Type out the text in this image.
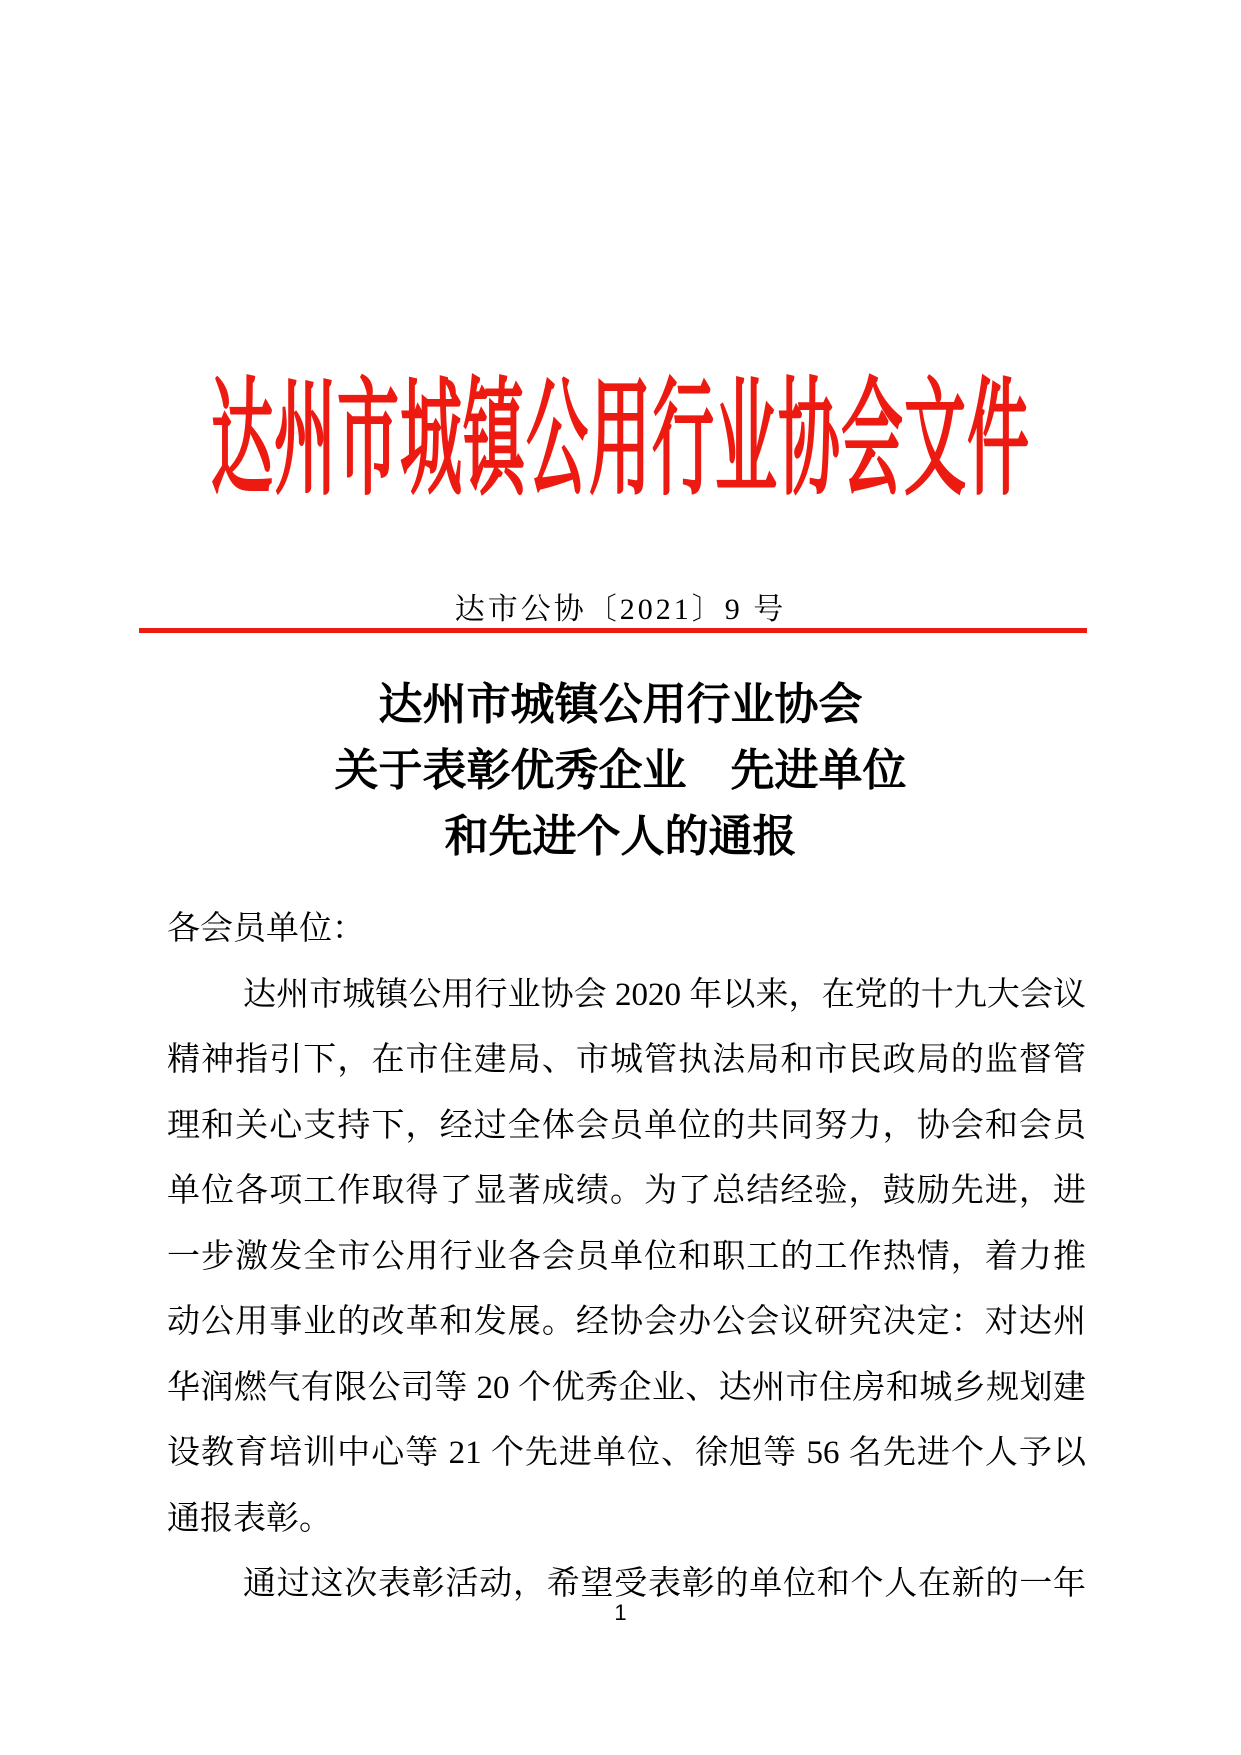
达州市城镇公用行业协会文件
达市公协〔2021〕9 号
达州市城镇公用行业协会
关于表彰优秀企业　先进单位
和先进个人的通报
各会员单位：
达州市城镇公用行业协会 2020 年以来，在党的十九大会议
精神指引下，在市住建局、市城管执法局和市民政局的监督管
理和关心支持下，经过全体会员单位的共同努力，协会和会员
单位各项工作取得了显著成绩。为了总结经验，鼓励先进，进
一步激发全市公用行业各会员单位和职工的工作热情，着力推
动公用事业的改革和发展。经协会办公会议研究决定：对达州
华润燃气有限公司等 20 个优秀企业、达州市住房和城乡规划建
设教育培训中心等 21 个先进单位、徐旭等 56 名先进个人予以
通报表彰。
通过这次表彰活动，希望受表彰的单位和个人在新的一年
1
